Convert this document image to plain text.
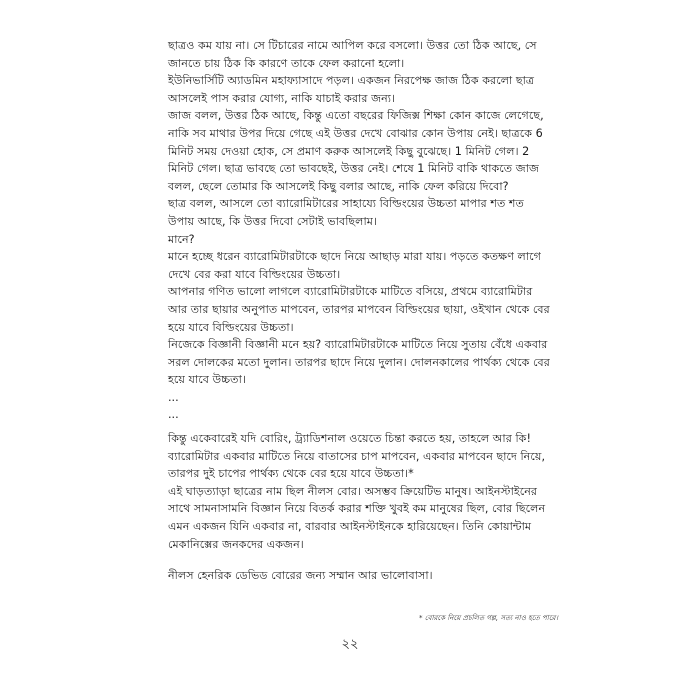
ছাত্রও কম যায় না। সে টিচারের নামে আপিল করে বসলো। উত্তর তো ঠিক আছে, সে জানতে চায় ঠিক কি কারণে তাকে ফেল করানো হলো।

ইউনিভার্সিটি অ্যাডমিন মহাফ্যাসাদে পড়ল। একজন নিরপেক্ষ জাজ ঠিক করলো ছাত্র আসলেই পাস করার যোগ্য, নাকি যাচাই করার জন্য।

জাজ বলল, উত্তর ঠিক আছে, কিন্তু এতো বছরের ফিজিক্স শিক্ষা কোন কাজে লেগেছে, নাকি সব মাথার উপর দিয়ে গেছে এই উত্তর দেখে বোঝার কোন উপায় নেই। ছাত্রকে 6 মিনিট সময় দেওয়া হোক, সে প্রমাণ করুক আসলেই কিছু বুঝেছে। 1 মিনিট গেল। 2 মিনিট গেল। ছাত্র ভাবছে তো ভাবছেই, উত্তর নেই। শেষে 1 মিনিট বাকি থাকতে জাজ বলল, ছেলে তোমার কি আসলেই কিছু বলার আছে, নাকি ফেল করিয়ে দিবো?

ছাত্র বলল, আসলে তো ব্যারোমিটারের সাহায্যে বিল্ডিংয়ের উচ্চতা মাপার শত শত উপায় আছে, কি উত্তর দিবো সেটাই ভাবছিলাম।

মানে?

মানে হচ্ছে ধরেন ব্যারোমিটারটাকে ছাদে নিয়ে আছাড় মারা যায়। পড়তে কতক্ষণ লাগে দেখে বের করা যাবে বিল্ডিংয়ের উচ্চতা।

আপনার গণিত ভালো লাগলে ব্যারোমিটারটাকে মাটিতে বসিয়ে, প্রথমে ব্যারোমিটার আর তার ছায়ার অনুপাত মাপবেন, তারপর মাপবেন বিল্ডিংয়ের ছায়া, ওইখান থেকে বের হয়ে যাবে বিল্ডিংয়ের উচ্চতা।

নিজেকে বিজ্ঞানী বিজ্ঞানী মনে হয়? ব্যারোমিটারটাকে মাটিতে নিয়ে সুতায় বেঁধে একবার সরল দোলকের মতো দুলান। তারপর ছাদে নিয়ে দুলান। দোলনকালের পার্থক্য থেকে বের হয়ে যাবে উচ্চতা।

...

...

কিন্তু একেবারেই যদি বোরিং, ট্র্যাডিশনাল ওয়েতে চিন্তা করতে হয়, তাহলে আর কি! ব্যারোমিটার একবার মাটিতে নিয়ে বাতাসের চাপ মাপবেন, একবার মাপবেন ছাদে নিয়ে, তারপর দুই চাপের পার্থক্য থেকে বের হয়ে যাবে উচ্চতা।*

এই ঘাড়ত্যাড়া ছাত্রের নাম ছিল নীলস বোর। অসম্ভব ক্রিয়েটিভ মানুষ। আইনস্টাইনের সাথে সামনাসামনি বিজ্ঞান নিয়ে বিতর্ক করার শক্তি খুবই কম মানুষের ছিল, বোর ছিলেন এমন একজন যিনি একবার না, বারবার আইনস্টাইনকে হারিয়েছেন। তিনি কোয়ান্টাম মেকানিক্সের জনকদের একজন।

নীলস হেনরিক ডেভিড বোরের জন্য সম্মান আর ভালোবাসা।

* বোরকে নিয়ে প্রচলিত গল্প, সত্য নাও হতে পারে।
২২
